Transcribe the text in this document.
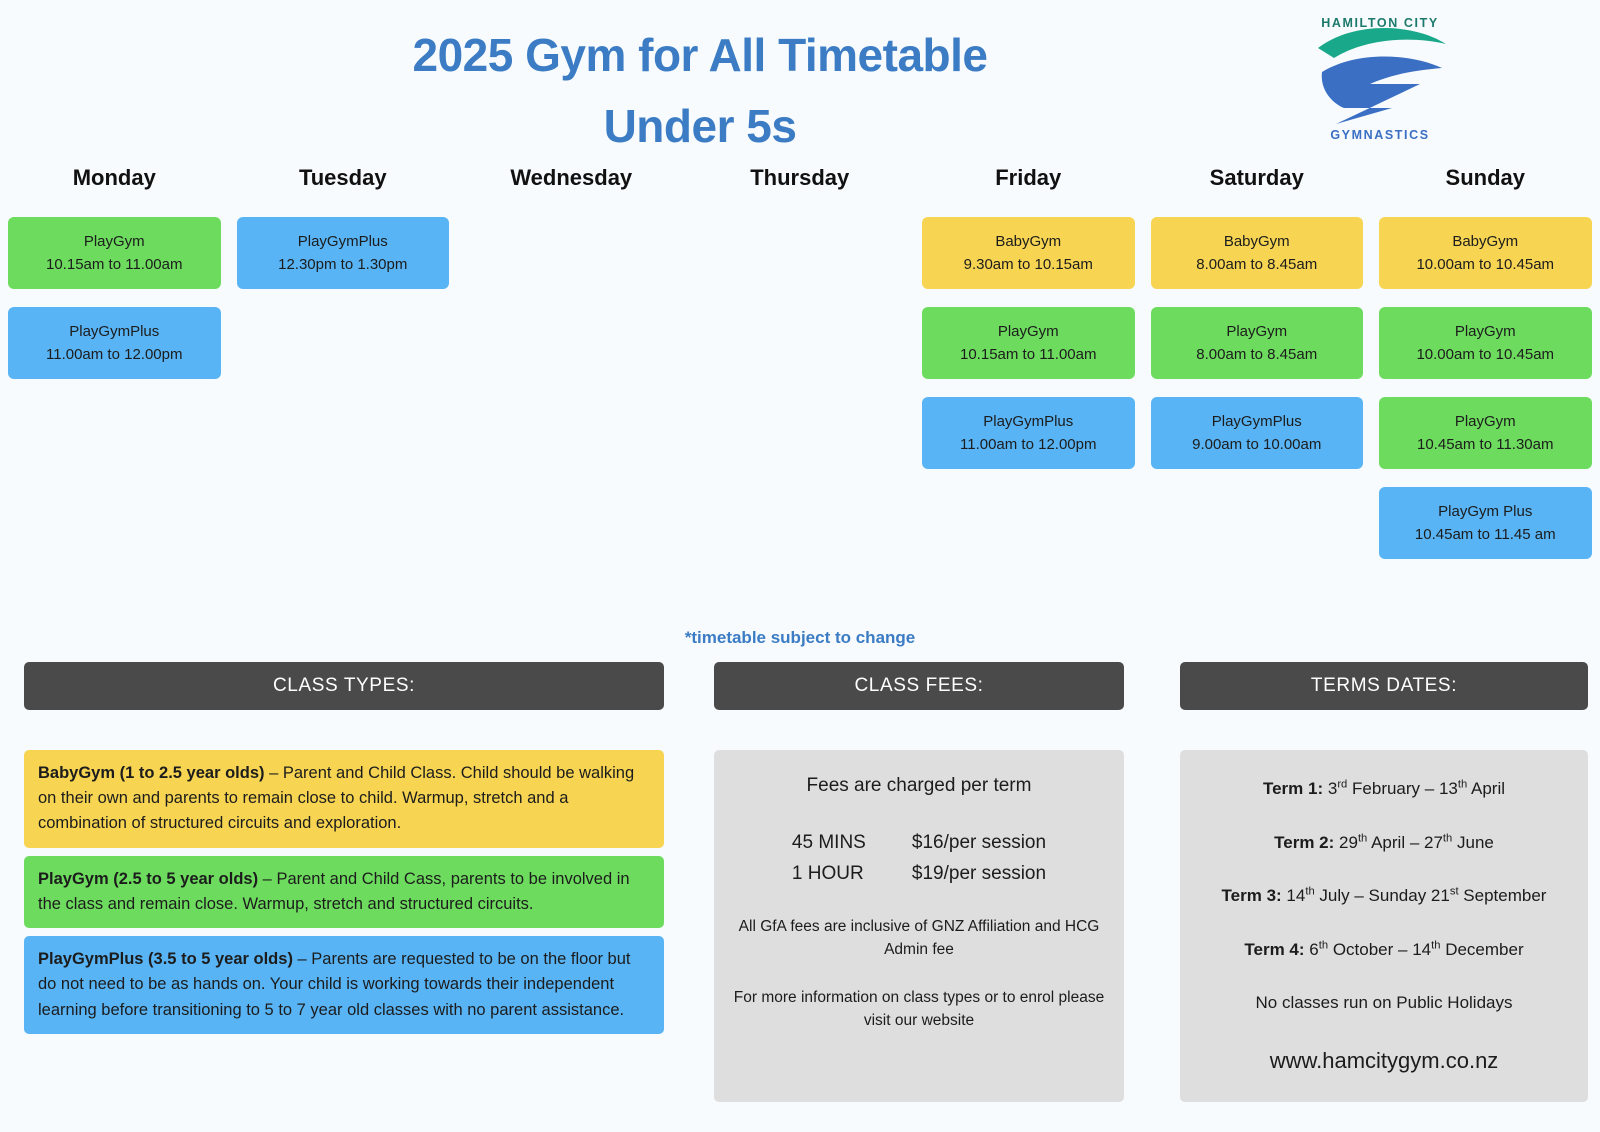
2025 Gym for All Timetable
Under 5s
HAMILTON CITY
GYMNASTICS
Monday
PlayGym
10.15am to 11.00am
PlayGymPlus
11.00am to 12.00pm
Tuesday
PlayGymPlus
12.30pm to 1.30pm
Wednesday	Thursday	Friday
BabyGym
9.30am to 10.15am
PlayGym
10.15am to 11.00am
PlayGymPlus
11.00am to 12.00pm
Saturday
BabyGym
8.00am to 8.45am
PlayGym
8.00am to 8.45am
PlayGymPlus
9.00am to 10.00am
Sunday
BabyGym
10.00am to 10.45am
PlayGym
10.00am to 10.45am
PlayGym
10.45am to 11.30am
PlayGym Plus
10.45am to 11.45 am
*timetable subject to change
CLASS TYPES:
BabyGym (1 to 2.5 year olds) – Parent and Child Class. Child should be walking on their own and parents to remain close to child. Warmup, stretch and a combination of structured circuits and exploration.
PlayGym (2.5 to 5 year olds) – Parent and Child Cass, parents to be involved in the class and remain close. Warmup, stretch and structured circuits.
PlayGymPlus (3.5 to 5 year olds) – Parents are requested to be on the floor but do not need to be as hands on. Your child is working towards their independent learning before transitioning to 5 to 7 year old classes with no parent assistance.
CLASS FEES:
Fees are charged per term
45 MINS $16/per session
1 HOUR	$19/per session
All GfA fees are inclusive of GNZ Affiliation and HCG Admin fee
For more information on class types or to enrol please visit our website
TERMS DATES:
Term 1: 3rd February – 13th April
Term 2: 29th April – 27th June
Term 3: 14th July – Sunday 21st September
Term 4: 6th October – 14th December
No classes run on Public Holidays
www.hamcitygym.co.nz
